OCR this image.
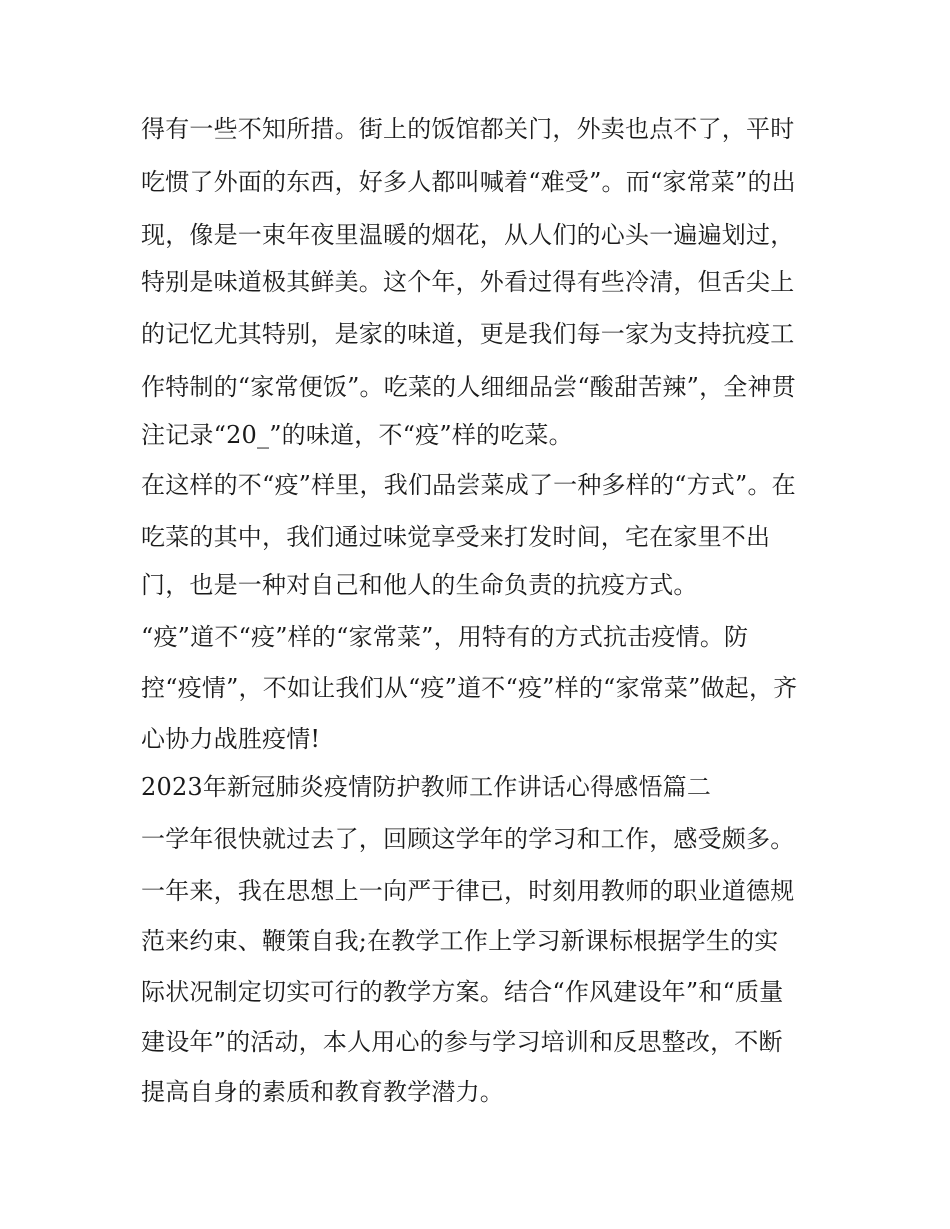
得有一些不知所措。街上的饭馆都关门，外卖也点不了，平时
吃惯了外面的东西，好多人都叫喊着“难受”。而“家常菜”的出
现，像是一束年夜里温暖的烟花，从人们的心头一遍遍划过，
特别是味道极其鲜美。这个年，外看过得有些冷清，但舌尖上
的记忆尤其特别，是家的味道，更是我们每一家为支持抗疫工
作特制的“家常便饭”。吃菜的人细细品尝“酸甜苦辣”，全神贯
注记录“20_”的味道，不“疫”样的吃菜。
在这样的不“疫”样里，我们品尝菜成了一种多样的“方式”。在
吃菜的其中，我们通过味觉享受来打发时间，宅在家里不出
门，也是一种对自己和他人的生命负责的抗疫方式。
“疫”道不“疫”样的“家常菜”，用特有的方式抗击疫情。防
控“疫情”，不如让我们从“疫”道不“疫”样的“家常菜”做起，齐
心协力战胜疫情!
2023年新冠肺炎疫情防护教师工作讲话心得感悟篇二
一学年很快就过去了，回顾这学年的学习和工作，感受颇多。
一年来，我在思想上一向严于律已，时刻用教师的职业道德规
范来约束、鞭策自我;在教学工作上学习新课标根据学生的实
际状况制定切实可行的教学方案。结合“作风建设年”和“质量
建设年”的活动，本人用心的参与学习培训和反思整改，不断
提高自身的素质和教育教学潜力。
